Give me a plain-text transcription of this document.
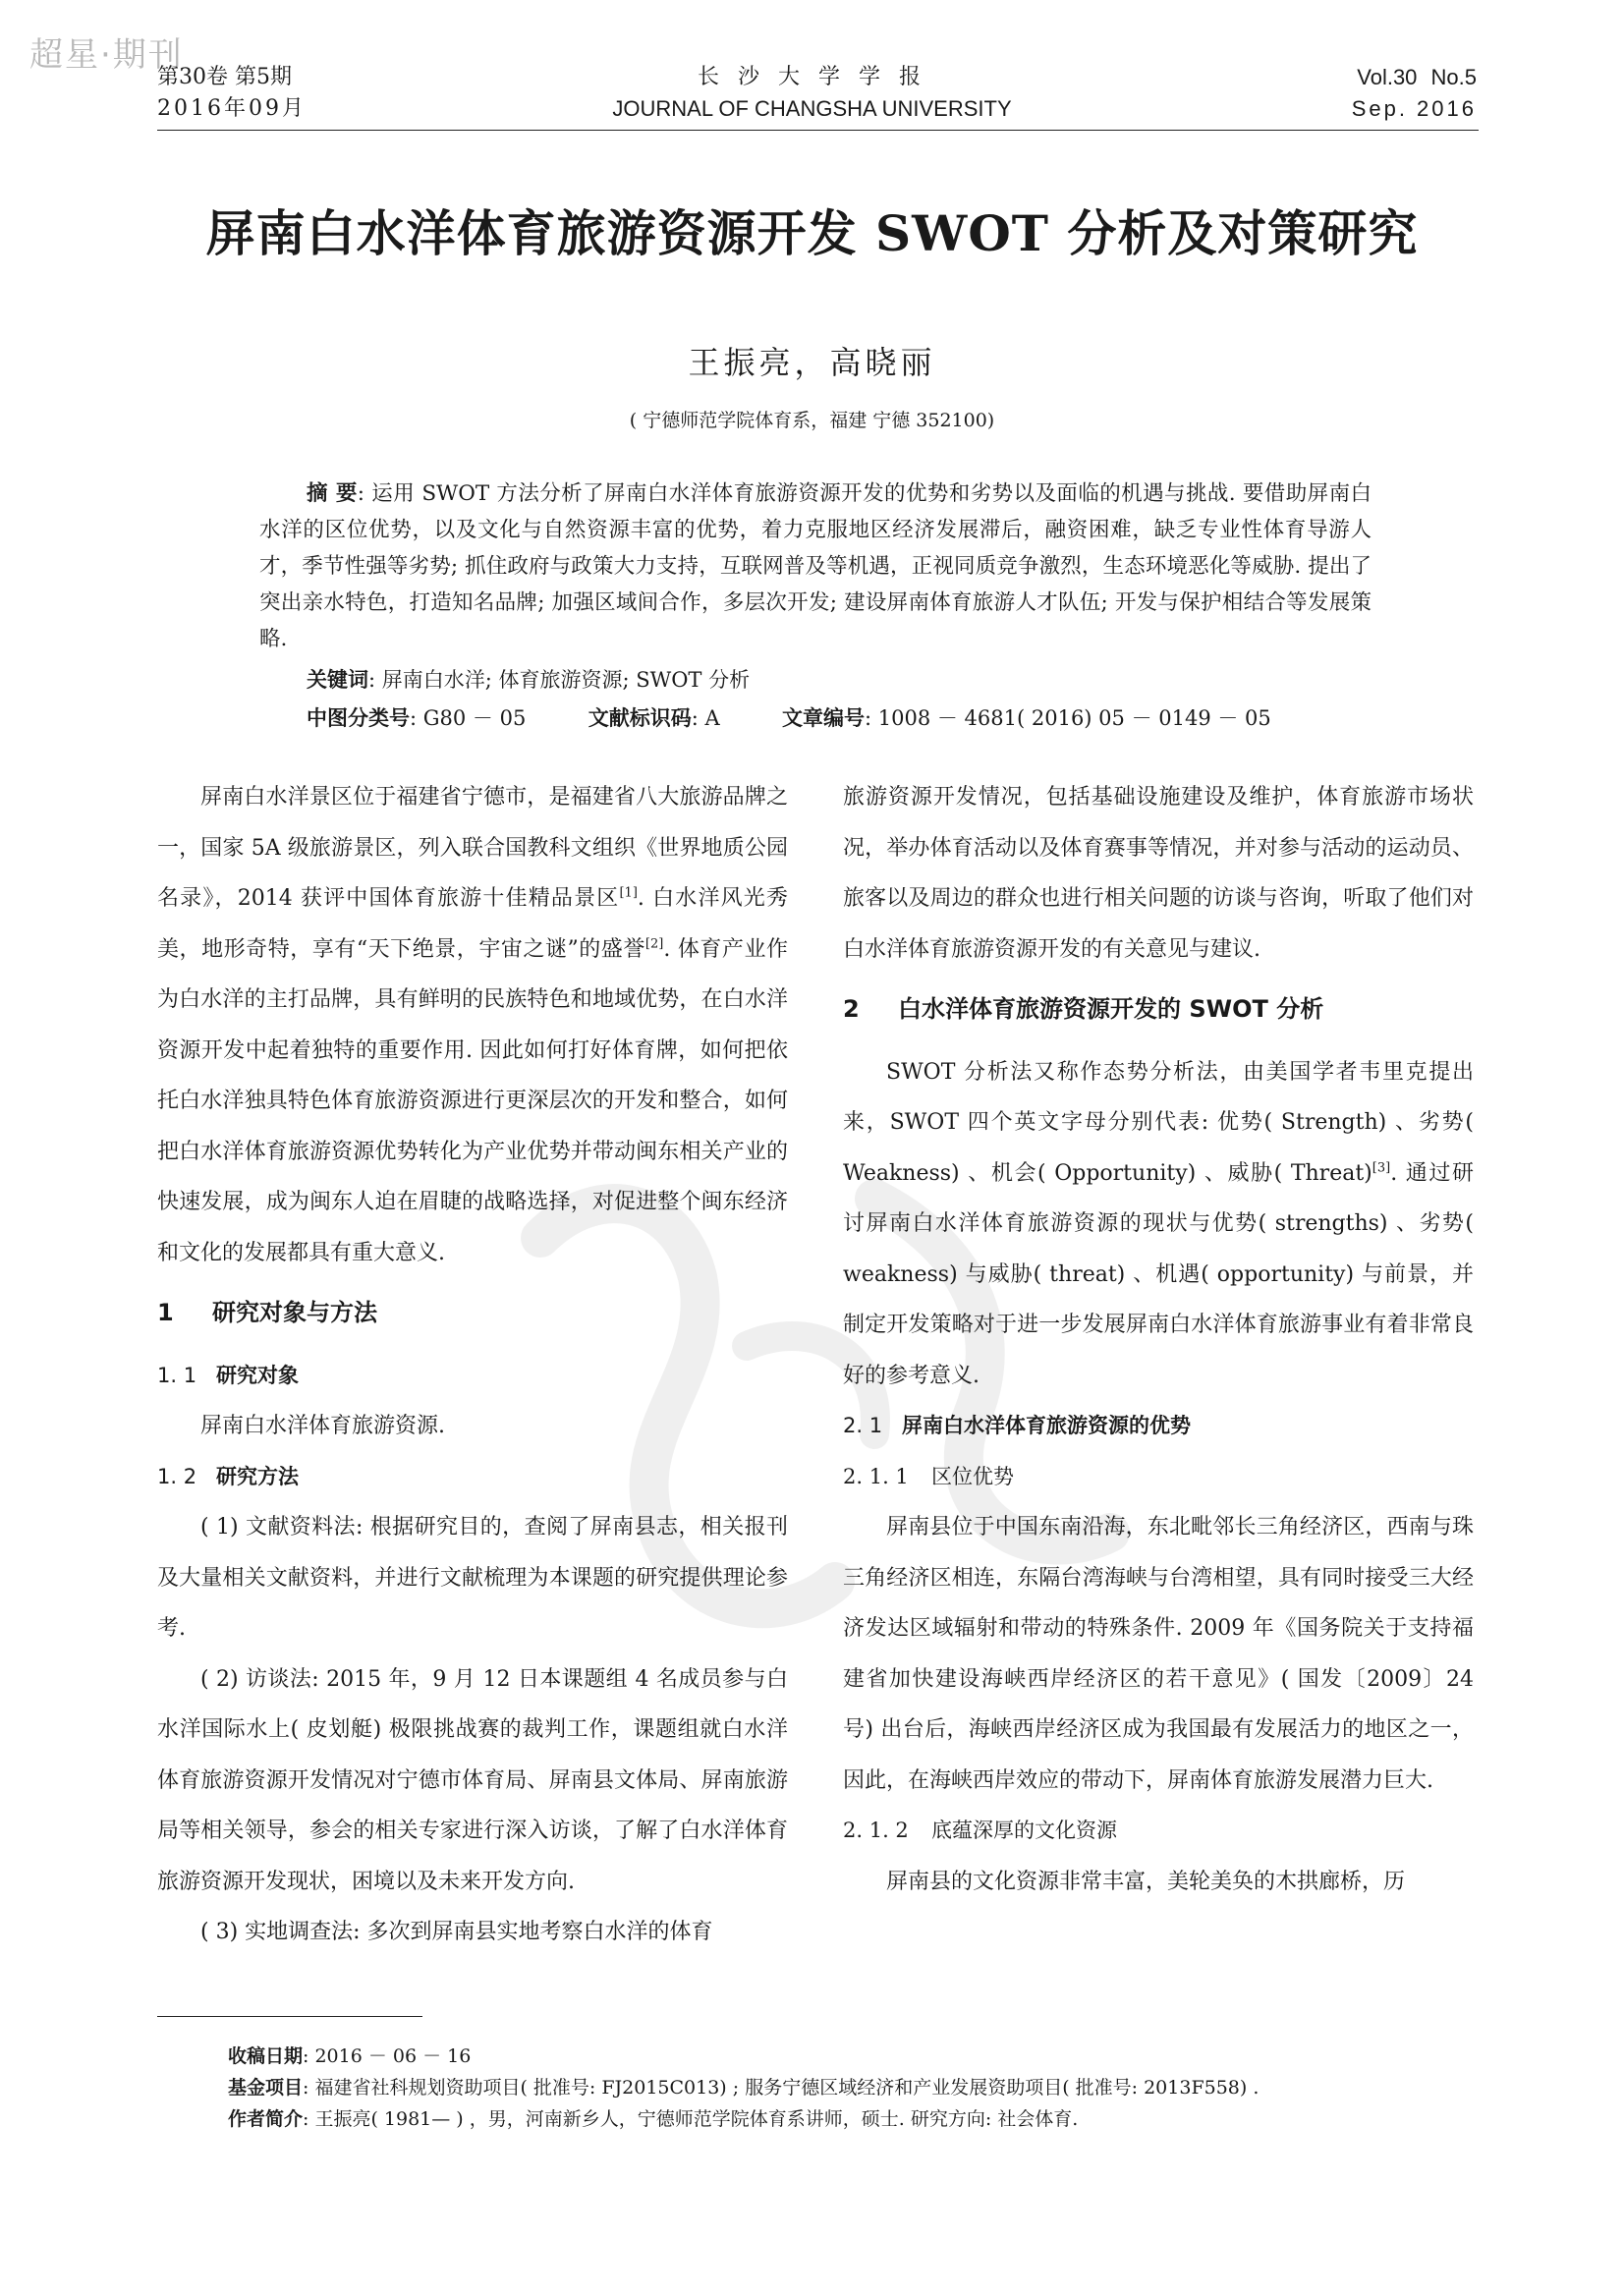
超星·期刊
第30卷 第5期
2016年09月
长 沙 大 学 学 报
JOURNAL OF CHANGSHA UNIVERSITY
Vol.30 No.5
Sep. 2016
屏南白水洋体育旅游资源开发 SWOT 分析及对策研究
王振亮，高晓丽
( 宁德师范学院体育系，福建 宁德 352100)
摘 要: 运用 SWOT 方法分析了屏南白水洋体育旅游资源开发的优势和劣势以及面临的机遇与挑战. 要借助屏南白水洋的区位优势，以及文化与自然资源丰富的优势，着力克服地区经济发展滞后，融资困难，缺乏专业性体育导游人才，季节性强等劣势; 抓住政府与政策大力支持，互联网普及等机遇，正视同质竞争激烈，生态环境恶化等威胁. 提出了突出亲水特色，打造知名品牌; 加强区域间合作，多层次开发; 建设屏南体育旅游人才队伍; 开发与保护相结合等发展策略.
关键词: 屏南白水洋; 体育旅游资源; SWOT 分析
中图分类号: G80 － 05	文献标识码: A	文章编号: 1008 － 4681( 2016) 05 － 0149 － 05

屏南白水洋景区位于福建省宁德市，是福建省八大旅游品牌之一，国家 5A 级旅游景区，列入联合国教科文组织《世界地质公园名录》，2014 获评中国体育旅游十佳精品景区[1]. 白水洋风光秀美，地形奇特，享有“天下绝景，宇宙之谜”的盛誉[2]. 体育产业作为白水洋的主打品牌，具有鲜明的民族特色和地域优势，在白水洋资源开发中起着独特的重要作用. 因此如何打好体育牌，如何把依托白水洋独具特色体育旅游资源进行更深层次的开发和整合，如何把白水洋体育旅游资源优势转化为产业优势并带动闽东相关产业的快速发展，成为闽东人迫在眉睫的战略选择，对促进整个闽东经济和文化的发展都具有重大意义.

1 研究对象与方法
1. 1 研究对象

屏南白水洋体育旅游资源.

1. 2 研究方法

( 1) 文献资料法: 根据研究目的，查阅了屏南县志，相关报刊及大量相关文献资料，并进行文献梳理为本课题的研究提供理论参考.

( 2) 访谈法: 2015 年，9 月 12 日本课题组 4 名成员参与白水洋国际水上( 皮划艇) 极限挑战赛的裁判工作，课题组就白水洋体育旅游资源开发情况对宁德市体育局、屏南县文体局、屏南旅游局等相关领导，参会的相关专家进行深入访谈，了解了白水洋体育旅游资源开发现状，困境以及未来开发方向.

( 3) 实地调查法: 多次到屏南县实地考察白水洋的体育

旅游资源开发情况，包括基础设施建设及维护，体育旅游市场状况，举办体育活动以及体育赛事等情况，并对参与活动的运动员、旅客以及周边的群众也进行相关问题的访谈与咨询，听取了他们对白水洋体育旅游资源开发的有关意见与建议.

2 白水洋体育旅游资源开发的 SWOT 分析

SWOT 分析法又称作态势分析法，由美国学者韦里克提出来，SWOT 四个英文字母分别代表: 优势( Strength) 、劣势( Weakness) 、机会( Opportunity) 、威胁( Threat)[3]. 通过研讨屏南白水洋体育旅游资源的现状与优势( strengths) 、劣势( weakness) 与威胁( threat) 、机遇( opportunity) 与前景，并制定开发策略对于进一步发展屏南白水洋体育旅游事业有着非常良好的参考意义.

2. 1 屏南白水洋体育旅游资源的优势
2. 1. 1 区位优势

屏南县位于中国东南沿海，东北毗邻长三角经济区，西南与珠三角经济区相连，东隔台湾海峡与台湾相望，具有同时接受三大经济发达区域辐射和带动的特殊条件. 2009 年《国务院关于支持福建省加快建设海峡西岸经济区的若干意见》( 国发〔2009〕24 号) 出台后，海峡西岸经济区成为我国最有发展活力的地区之一，因此，在海峡西岸效应的带动下，屏南体育旅游发展潜力巨大.

2. 1. 2 底蕴深厚的文化资源

屏南县的文化资源非常丰富，美轮美奂的木拱廊桥，历

收稿日期: 2016 － 06 － 16
基金项目: 福建省社科规划资助项目( 批准号: FJ2015C013) ; 服务宁德区域经济和产业发展资助项目( 批准号: 2013F558) .
作者简介: 王振亮( 1981— ) ，男，河南新乡人，宁德师范学院体育系讲师，硕士. 研究方向: 社会体育.
